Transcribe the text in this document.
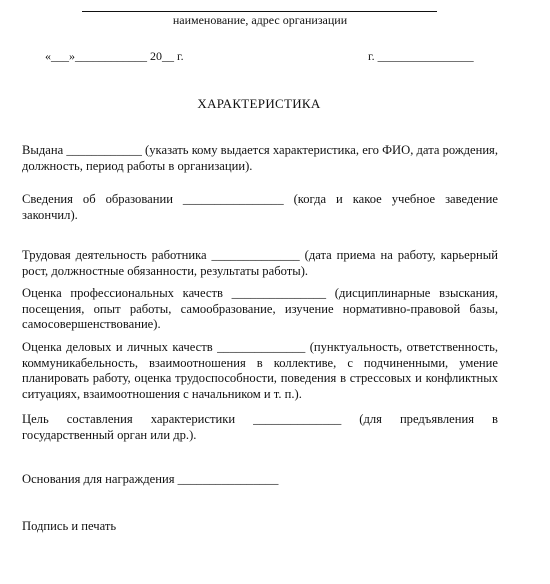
наименование, адрес организации
«___»____________ 20__ г.	г. ________________
ХАРАКТЕРИСТИКА
Выдана ____________ (указать кому выдается характеристика, его ФИО, дата рождения, должность, период работы в организации).
Сведения об образовании ________________ (когда и какое учебное заведение закончил).
Трудовая деятельность работника ______________ (дата приема на работу, карьерный рост, должностные обязанности, результаты работы).
Оценка профессиональных качеств _______________ (дисциплинарные взыскания, посещения, опыт работы, самообразование, изучение нормативно-правовой базы, самосовершенствование).
Оценка деловых и личных качеств ______________ (пунктуальность, ответственность, коммуникабельность, взаимоотношения в коллективе, с подчиненными, умение планировать работу, оценка трудоспособности, поведения в стрессовых и конфликтных ситуациях, взаимоотношения с начальником и т. п.).
Цель составления характеристики ______________ (для предъявления в государственный орган или др.).
Основания для награждения ________________
Подпись и печать
